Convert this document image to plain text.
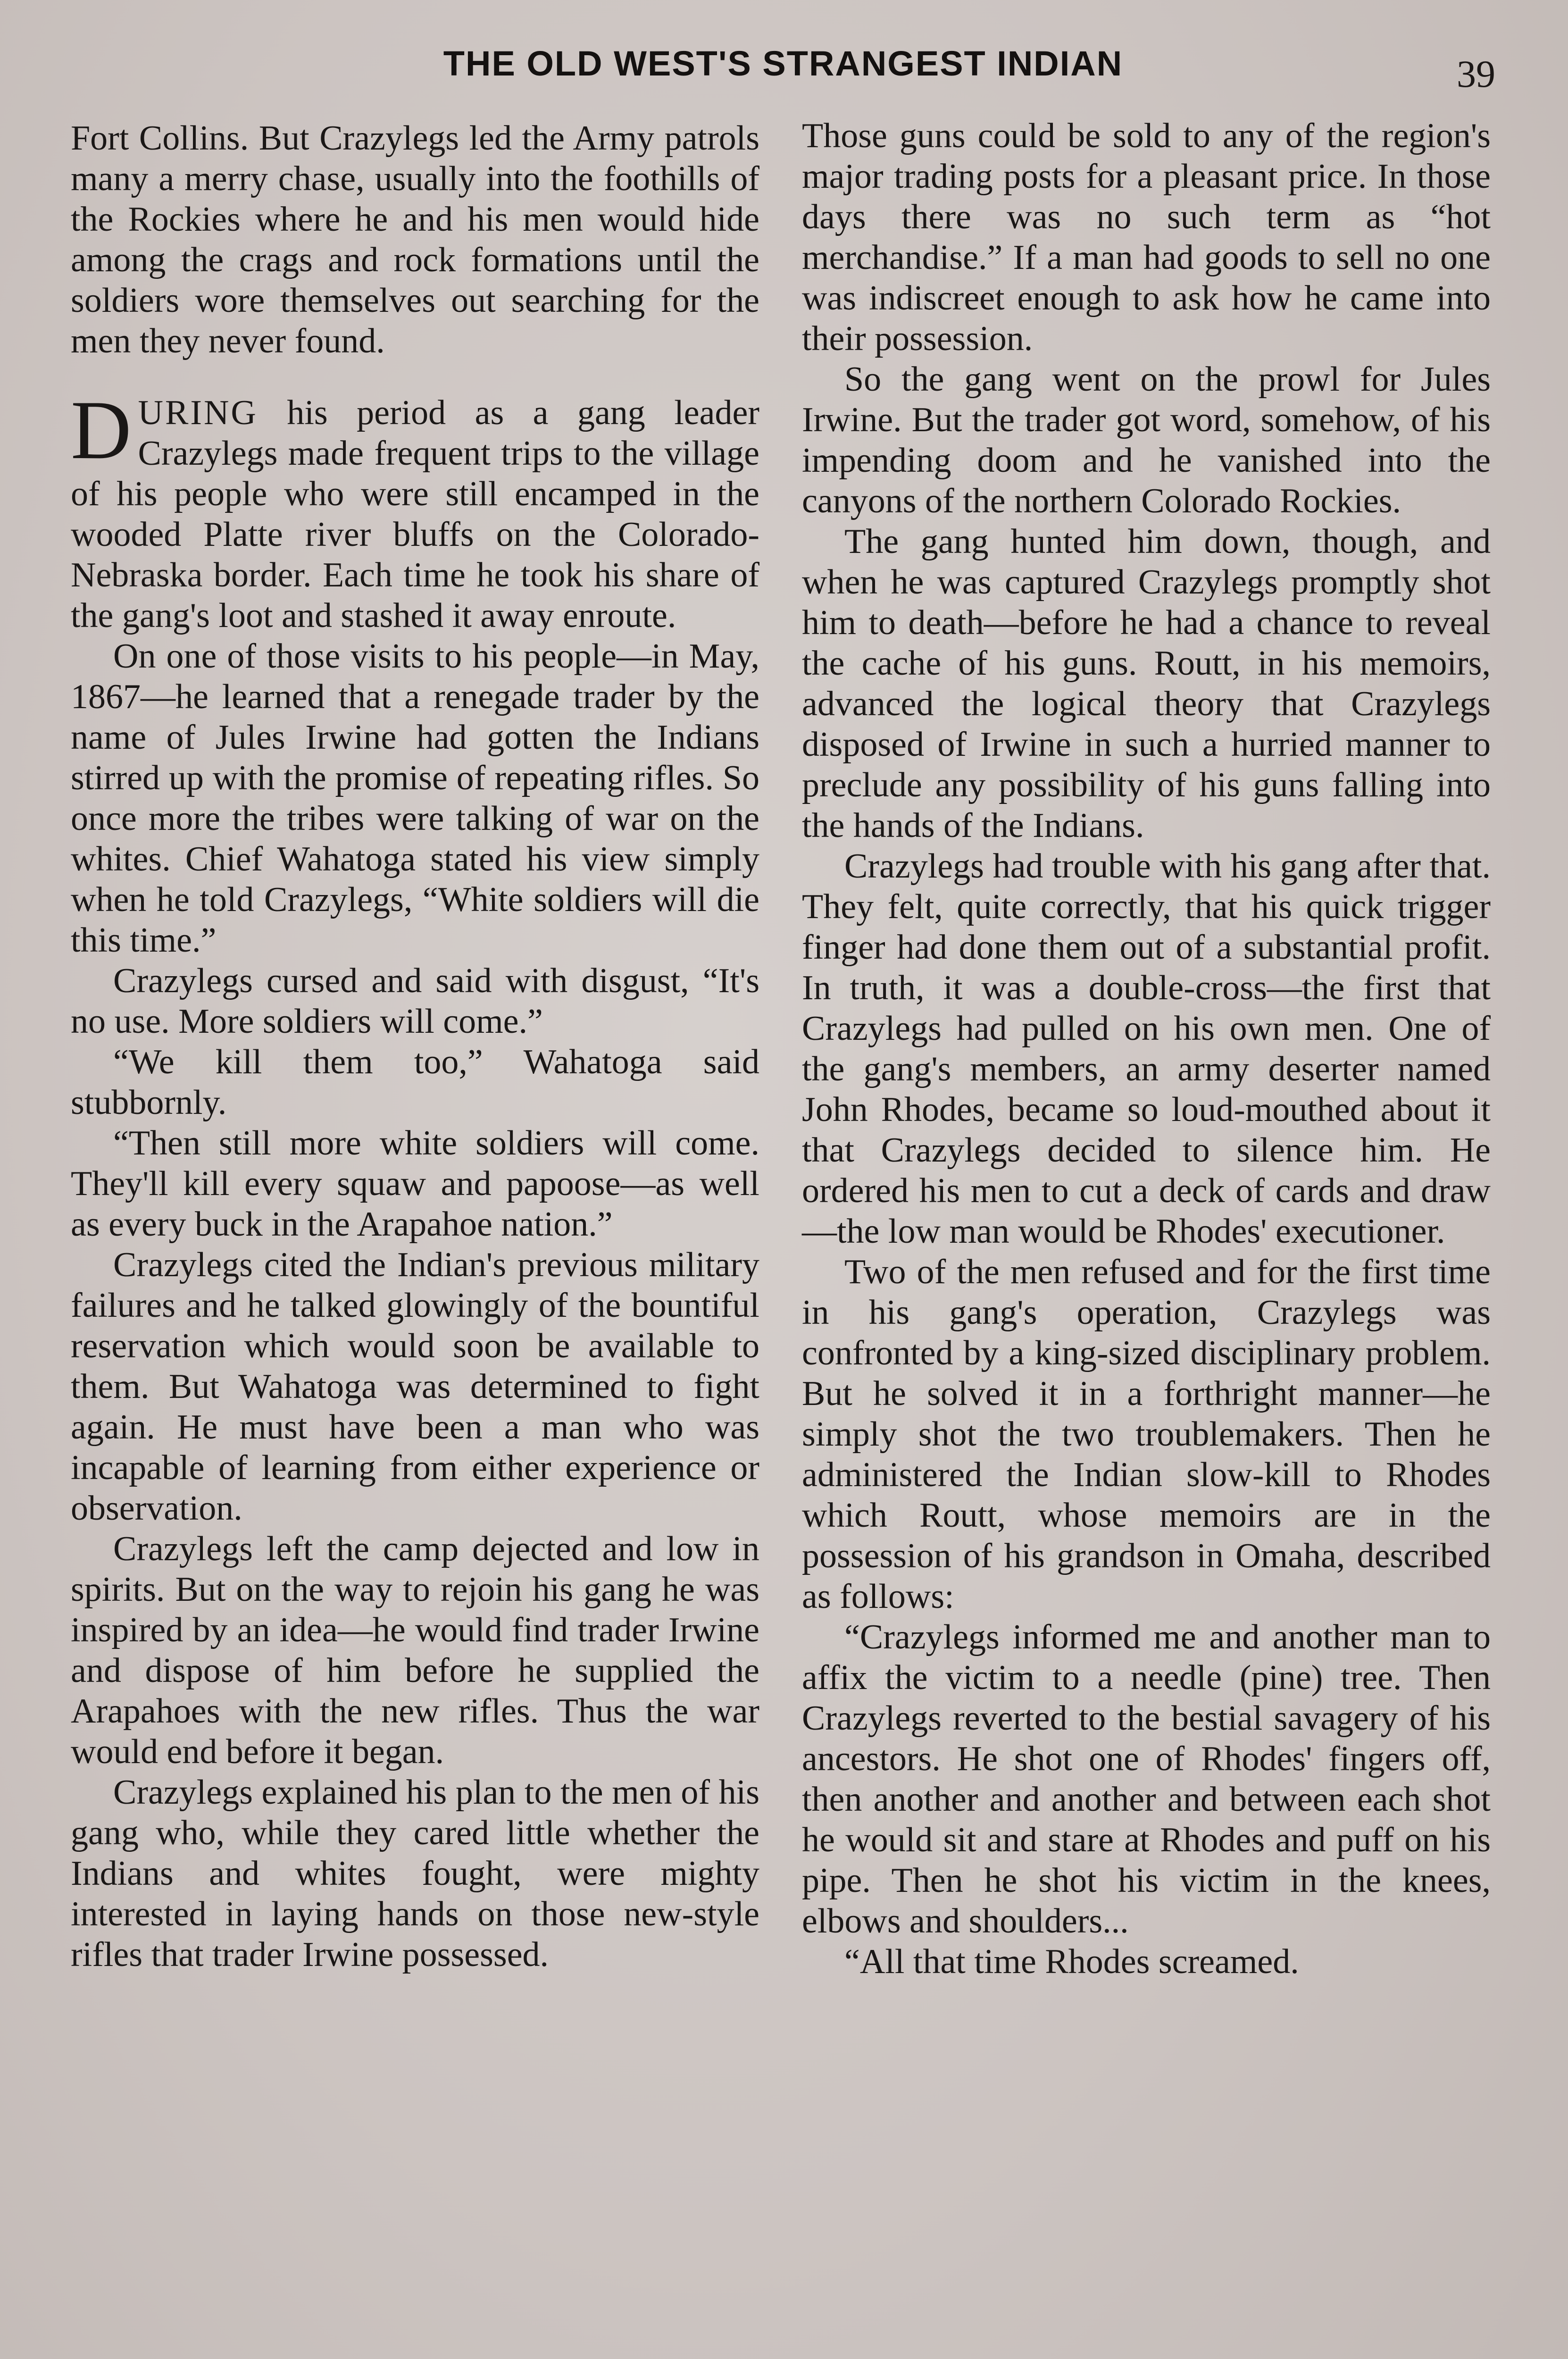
THE OLD WEST'S STRANGEST INDIAN	39

Fort Collins. But Crazylegs led the Army patrols many a merry chase, usually into the foothills of the Rockies where he and his men would hide among the crags and rock formations until the soldiers wore themselves out searching for the men they never found.

DURING his period as a gang leader Crazylegs made frequent trips to the village of his people who were still encamped in the wooded Platte river bluffs on the Colorado-Nebraska border. Each time he took his share of the gang's loot and stashed it away enroute.

On one of those visits to his people—in May, 1867—he learned that a renegade trader by the name of Jules Irwine had gotten the Indians stirred up with the promise of repeating rifles. So once more the tribes were talking of war on the whites. Chief Wahatoga stated his view simply when he told Crazylegs, “White soldiers will die this time.”

Crazylegs cursed and said with disgust, “It's no use. More soldiers will come.”

“We kill them too,” Wahatoga said stubbornly.

“Then still more white soldiers will come. They'll kill every squaw and papoose—as well as every buck in the Arapahoe nation.”

Crazylegs cited the Indian's previous military failures and he talked glowingly of the bountiful reservation which would soon be available to them. But Wahatoga was determined to fight again. He must have been a man who was incapable of learning from either experience or observation.

Crazylegs left the camp dejected and low in spirits. But on the way to rejoin his gang he was inspired by an idea—he would find trader Irwine and dispose of him before he supplied the Arapahoes with the new rifles. Thus the war would end before it began.

Crazylegs explained his plan to the men of his gang who, while they cared little whether the Indians and whites fought, were mighty interested in laying hands on those new-style rifles that trader Irwine possessed.

Those guns could be sold to any of the region's major trading posts for a pleasant price. In those days there was no such term as “hot merchandise.” If a man had goods to sell no one was indiscreet enough to ask how he came into their possession.

So the gang went on the prowl for Jules Irwine. But the trader got word, somehow, of his impending doom and he vanished into the canyons of the northern Colorado Rockies.

The gang hunted him down, though, and when he was captured Crazylegs promptly shot him to death—before he had a chance to reveal the cache of his guns. Routt, in his memoirs, advanced the logical theory that Crazylegs disposed of Irwine in such a hurried manner to preclude any possibility of his guns falling into the hands of the Indians.

Crazylegs had trouble with his gang after that. They felt, quite correctly, that his quick trigger finger had done them out of a substantial profit. In truth, it was a double-cross—the first that Crazylegs had pulled on his own men. One of the gang's members, an army deserter named John Rhodes, became so loud-mouthed about it that Crazylegs decided to silence him. He ordered his men to cut a deck of cards and draw —the low man would be Rhodes' executioner.

Two of the men refused and for the first time in his gang's operation, Crazylegs was confronted by a king-sized disciplinary problem. But he solved it in a forthright manner—he simply shot the two troublemakers. Then he administered the Indian slow-kill to Rhodes which Routt, whose memoirs are in the possession of his grandson in Omaha, described as follows:

“Crazylegs informed me and another man to affix the victim to a needle (pine) tree. Then Crazylegs reverted to the bestial savagery of his ancestors. He shot one of Rhodes' fingers off, then another and another and between each shot he would sit and stare at Rhodes and puff on his pipe. Then he shot his victim in the knees, elbows and shoulders...

“All that time Rhodes screamed.
